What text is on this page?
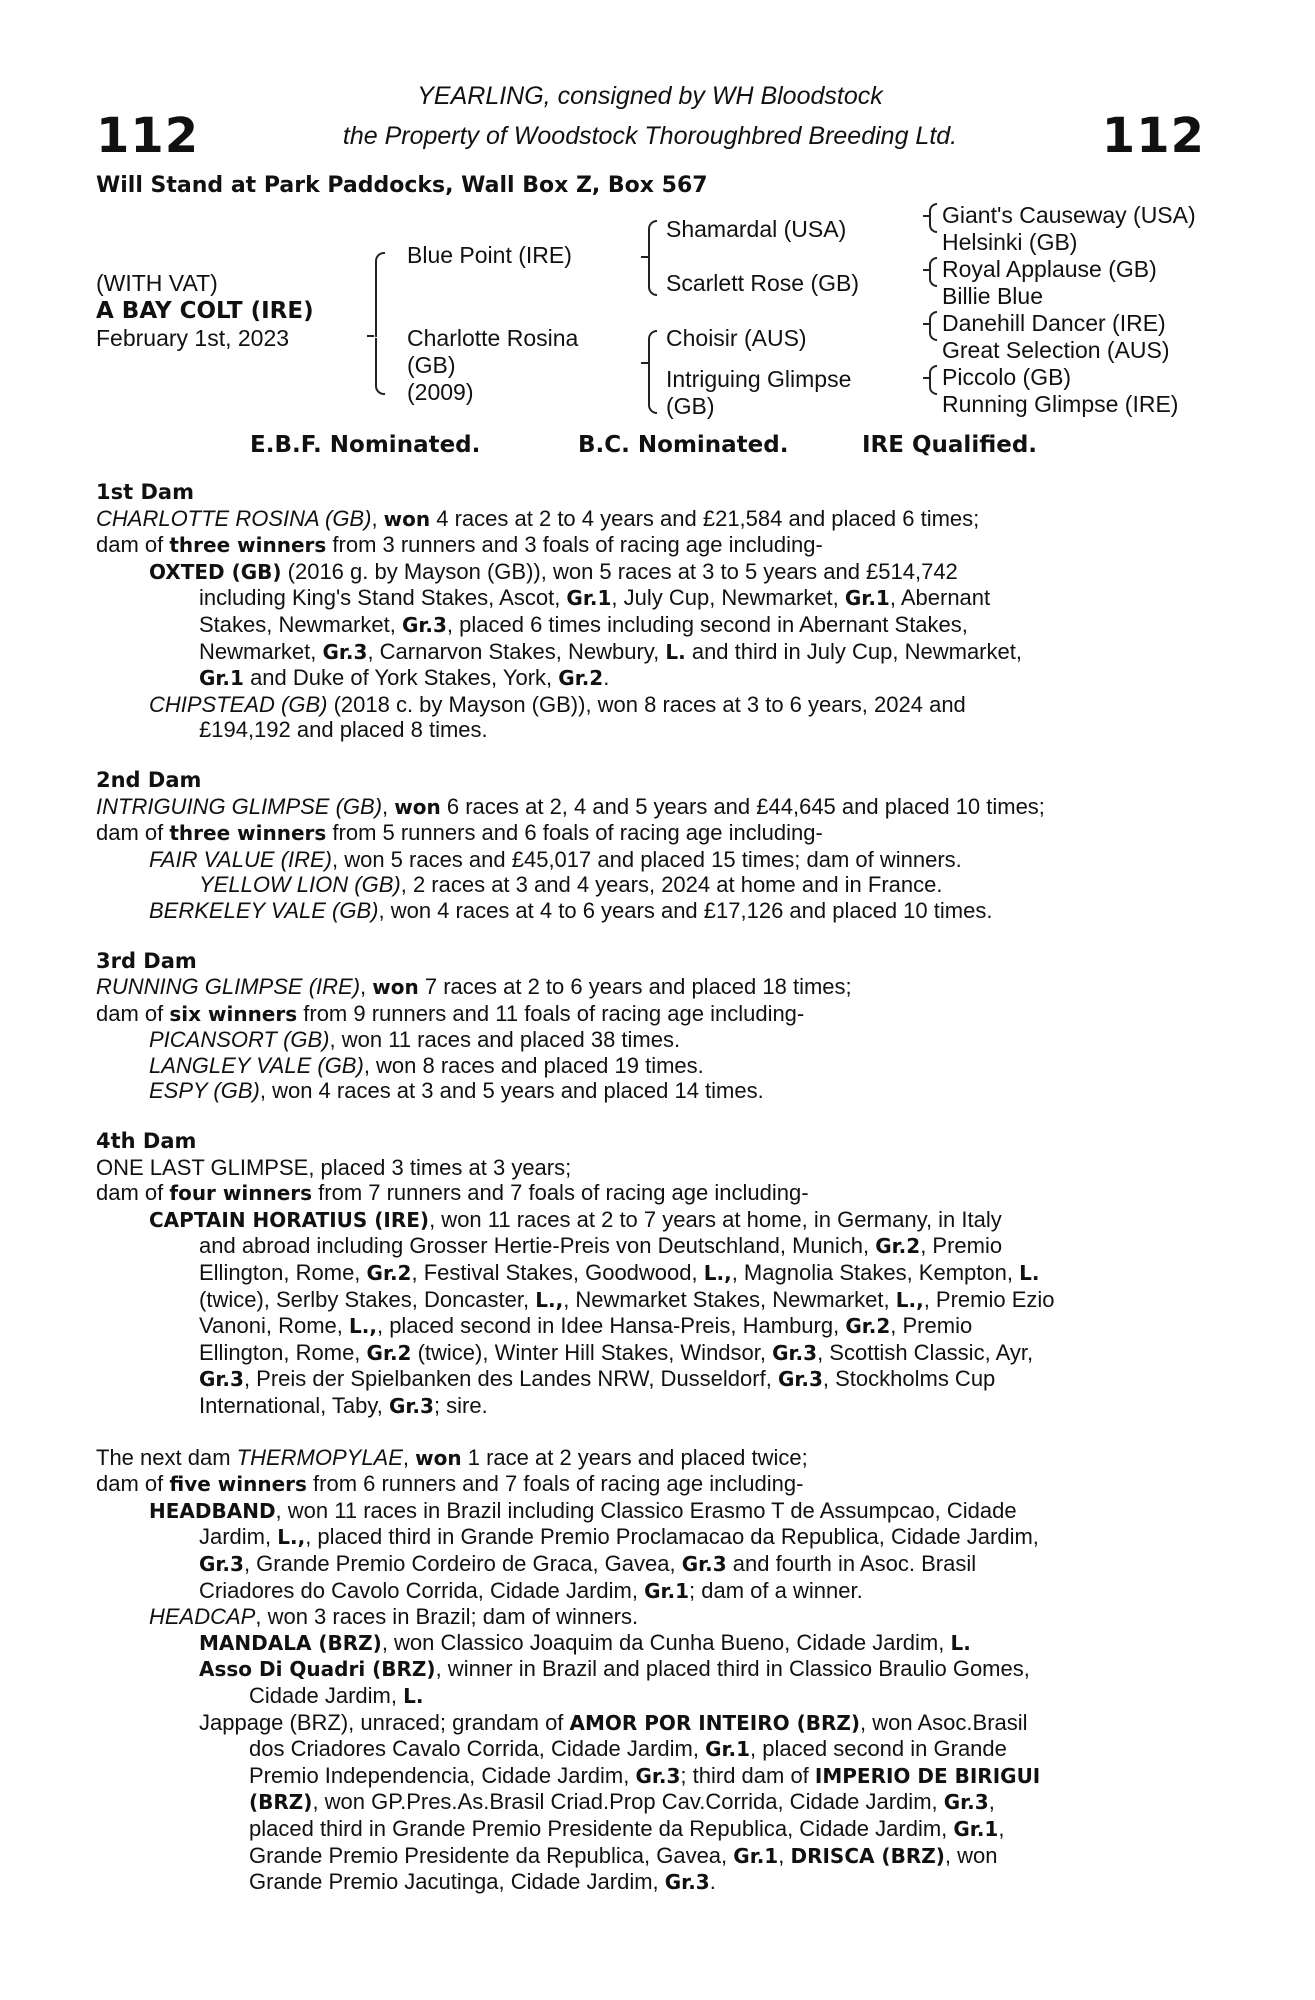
112	112
YEARLING, consigned by WH Bloodstock
the Property of Woodstock Thoroughbred Breeding Ltd.
Will Stand at Park Paddocks, Wall Box Z, Box 567
(WITH VAT)
A BAY COLT (IRE)
February 1st, 2023
Blue Point (IRE)
Charlotte Rosina
(GB)
(2009)
Shamardal (USA)
Scarlett Rose (GB)
Choisir (AUS)
Intriguing Glimpse
(GB)
Giant's Causeway (USA)
Helsinki (GB)
Royal Applause (GB)
Billie Blue
Danehill Dancer (IRE)
Great Selection (AUS)
Piccolo (GB)
Running Glimpse (IRE)
E.B.F. Nominated.	B.C. Nominated.	IRE Qualified.
1st Dam
CHARLOTTE ROSINA (GB), won 4 races at 2 to 4 years and £21,584 and placed 6 times;
dam of three winners from 3 runners and 3 foals of racing age including-
OXTED (GB) (2016 g. by Mayson (GB)), won 5 races at 3 to 5 years and £514,742
including King's Stand Stakes, Ascot, Gr.1, July Cup, Newmarket, Gr.1, Abernant
Stakes, Newmarket, Gr.3, placed 6 times including second in Abernant Stakes,
Newmarket, Gr.3, Carnarvon Stakes, Newbury, L. and third in July Cup, Newmarket,
Gr.1 and Duke of York Stakes, York, Gr.2.
CHIPSTEAD (GB) (2018 c. by Mayson (GB)), won 8 races at 3 to 6 years, 2024 and
£194,192 and placed 8 times.
2nd Dam
INTRIGUING GLIMPSE (GB), won 6 races at 2, 4 and 5 years and £44,645 and placed 10 times;
dam of three winners from 5 runners and 6 foals of racing age including-
FAIR VALUE (IRE), won 5 races and £45,017 and placed 15 times; dam of winners.
YELLOW LION (GB), 2 races at 3 and 4 years, 2024 at home and in France.
BERKELEY VALE (GB), won 4 races at 4 to 6 years and £17,126 and placed 10 times.
3rd Dam
RUNNING GLIMPSE (IRE), won 7 races at 2 to 6 years and placed 18 times;
dam of six winners from 9 runners and 11 foals of racing age including-
PICANSORT (GB), won 11 races and placed 38 times.
LANGLEY VALE (GB), won 8 races and placed 19 times.
ESPY (GB), won 4 races at 3 and 5 years and placed 14 times.
4th Dam
ONE LAST GLIMPSE, placed 3 times at 3 years;
dam of four winners from 7 runners and 7 foals of racing age including-
CAPTAIN HORATIUS (IRE), won 11 races at 2 to 7 years at home, in Germany, in Italy
and abroad including Grosser Hertie-Preis von Deutschland, Munich, Gr.2, Premio
Ellington, Rome, Gr.2, Festival Stakes, Goodwood, L.,, Magnolia Stakes, Kempton, L.
(twice), Serlby Stakes, Doncaster, L.,, Newmarket Stakes, Newmarket, L.,, Premio Ezio
Vanoni, Rome, L.,, placed second in Idee Hansa-Preis, Hamburg, Gr.2, Premio
Ellington, Rome, Gr.2 (twice), Winter Hill Stakes, Windsor, Gr.3, Scottish Classic, Ayr,
Gr.3, Preis der Spielbanken des Landes NRW, Dusseldorf, Gr.3, Stockholms Cup
International, Taby, Gr.3; sire.
The next dam THERMOPYLAE, won 1 race at 2 years and placed twice;
dam of five winners from 6 runners and 7 foals of racing age including-
HEADBAND, won 11 races in Brazil including Classico Erasmo T de Assumpcao, Cidade
Jardim, L.,, placed third in Grande Premio Proclamacao da Republica, Cidade Jardim,
Gr.3, Grande Premio Cordeiro de Graca, Gavea, Gr.3 and fourth in Asoc. Brasil
Criadores do Cavolo Corrida, Cidade Jardim, Gr.1; dam of a winner.
HEADCAP, won 3 races in Brazil; dam of winners.
MANDALA (BRZ), won Classico Joaquim da Cunha Bueno, Cidade Jardim, L.
Asso Di Quadri (BRZ), winner in Brazil and placed third in Classico Braulio Gomes,
Cidade Jardim, L.
Jappage (BRZ), unraced; grandam of AMOR POR INTEIRO (BRZ), won Asoc.Brasil
dos Criadores Cavalo Corrida, Cidade Jardim, Gr.1, placed second in Grande
Premio Independencia, Cidade Jardim, Gr.3; third dam of IMPERIO DE BIRIGUI
(BRZ), won GP.Pres.As.Brasil Criad.Prop Cav.Corrida, Cidade Jardim, Gr.3,
placed third in Grande Premio Presidente da Republica, Cidade Jardim, Gr.1,
Grande Premio Presidente da Republica, Gavea, Gr.1, DRISCA (BRZ), won
Grande Premio Jacutinga, Cidade Jardim, Gr.3.
